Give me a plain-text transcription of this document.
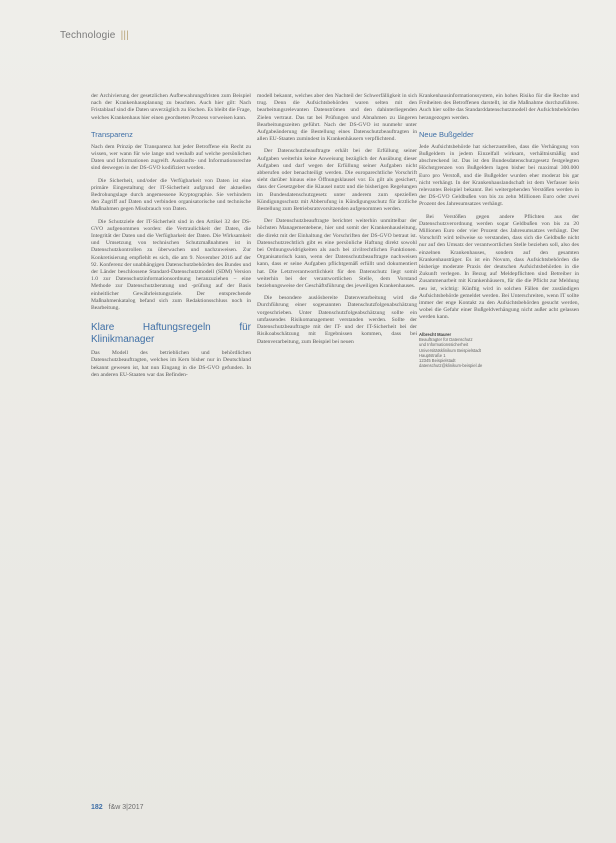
Technologie |||

der Archivierung der gesetzlichen Aufbewahrungsfristen zum Beispiel nach der Krankenhausplanung zu beachten. Auch hier gilt: Nach Fristablauf sind die Daten unverzüglich zu löschen. Es bleibt die Frage, welches Krankenhaus hier einen geordneten Prozess vorweisen kann.

Transparenz

Nach dem Prinzip der Transparenz hat jeder Betroffene ein Recht zu wissen, wer wann für wie lange und weshalb auf welche persönlichen Daten und Informationen zugreift. Auskunfts- und Informationsrechte sind deswegen in der DS-GVO kodifiziert worden.

Die Sicherheit, und/oder die Verfügbarkeit von Daten ist eine primäre Eingestaltung der IT-Sicherheit aufgrund der aktuellen Bedrohungslage durch angemessene Kryptographie. Sie verhindern den Zugriff auf Daten und verbinden organisatorische und technische Maßnahmen gegen Missbrauch von Daten.

Die Schutzziele der IT-Sicherheit sind in den Artikel 32 der DS-GVO aufgenommen worden: die Vertraulichkeit der Daten, die Integrität der Daten und die Verfügbarkeit der Daten. Die Wirksamkeit und Umsetzung von technischen Schutzmaßnahmen ist in Datenschutzkontrollen zu überwachen und nachzuweisen. Zur Konkretisierung empfiehlt es sich, die am 9. November 2016 auf der 92. Konferenz der unabhängigen Datenschutzbehörden des Bundes und der Länder beschlossene Standard-Datenschutzmodell (SDM) Version 1.0 zur Datenschutzinformationsordnung heranzuziehen – eine Methode zur Datenschutzberatung und -prüfung auf der Basis einheitlicher Gewährleistungsziele. Der entsprechende Maßnahmenkatalog befand sich zum Redaktionsschluss noch in Bearbeitung.

Klare Haftungsregeln für Klinikmanager

Das Modell des betrieblichen und behördlichen Datenschutzbeauftragten, welches im Kern bisher nur in Deutschland bekannt gewesen ist, hat nun Eingang in die DS-GVO gefunden. In den anderen EU-Staaten war das Befinden-

modell bekannt, welches aber den Nachteil der Schwerfälligkeit in sich trug. Denn die Aufsichtsbehörden waren selten mit den bearbeitungsrelevanten Datenströmen und den dahinterliegenden Zielen vertraut. Das tat bei Prüfungen und Abnahmen zu längeren Bearbeitungszeiten geführt. Nach der DS-GVO ist nunmehr unter Aufgabeänderung die Bestellung eines Datenschutzbeauftragten in allen EU-Staaten zumindest in Krankenhäusern verpflichtend.

Der Datenschutzbeauftragte erhält bei der Erfüllung seiner Aufgaben weiterhin keine Anweisung bezüglich der Ausübung dieser Aufgaben und darf wegen der Erfüllung seiner Aufgaben nicht abberufen oder benachteiligt werden. Die europarechtliche Vorschrift sieht darüber hinaus eine Öffnungsklausel vor. Es gilt als gesichert, dass der Gesetzgeber die Klausel nutzt und die bisherigen Regelungen im Bundesdatenschutzgesetz unter anderem zum speziellen Kündigungsschutz mit Abberufung in Kündigungsschutz für ärztliche Bestellung zum Betriebsratsvorsitzenden aufgenommen werden.

Der Datenschutzbeauftragte berichtet weiterhin unmittelbar der höchsten Managementebene, hier und somit der Krankenhausleitung, die direkt mit der Einhaltung der Vorschriften der DS-GVO betraut ist. Datenschutzrechtlich gibt es eine persönliche Haftung direkt sowohl bei Ordnungswidrigkeiten als auch bei zivilrechtlichen Funktionen. Organisatorisch kann, wenn der Datenschutzbeauftragte nachweisen kann, dass er seine Aufgaben pflichtgemäß erfüllt und dokumentiert hat. Die Letztverantwortlichkeit für den Datenschutz liegt somit weiterhin bei der verantwortlichen Stelle, dem Vorstand beziehungsweise der Geschäftsführung des jeweiligen Krankenhauses.

Die besondere auslösbereite Datenverarbeitung wird die Durchführung einer sogenannten Datenschutzfolgenabschätzung vorgeschrieben. Unter Datenschutzfolgeabschätzung sollte ein umfassendes Risikomanagement verstanden werden. Sollte der Datenschutzbeauftragte mit der IT- und der IT-Sicherheit bei der Risikoabschätzung mit Ergebnissen kommen, dass bei Datenverarbeitung, zum Beispiel bei neuen

Krankenhausinformationssystem, ein hohes Risiko für die Rechte und Freiheiten des Betroffenen darstellt, ist die Maßnahme durchzuführen. Auch hier sollte das Standarddatenschutzmodell der Aufsichtsbehörden herangezogen werden.

Neue Bußgelder

Jede Aufsichtsbehörde hat sicherzustellen, dass die Verhängung von Bußgeldern in jedem Einzelfall wirksam, verhältnismäßig und abschreckend ist. Das ist den Bundesdatenschutzgesetz festgelegten Höchstgrenzen von Bußgeldern lagen bisher bei maximal 300.000 Euro pro Verstoß, und die Bußgelder wurden eher moderat bis gar nicht verhängt. In der Krankenhauslandschaft ist dem Verfasser kein relevantes Beispiel bekannt. Bei weitergehenden Verstößen werden in der DS-GVO Geldbußen von bis zu zehn Millionen Euro oder zwei Prozent des Jahresumsatzes verhängt.

Bei Verstößen gegen andere Pflichten aus der Datenschutzverordnung werden sogar Geldbußen von bis zu 20 Millionen Euro oder vier Prozent des Jahresumsatzes verhängt. Der Vorschrift wird teilweise so verstanden, dass sich die Geldbuße nicht nur auf den Umsatz der verantwortlichen Stelle beziehen soll, also des einzelnen Krankenhauses, sondern auf den gesamten Krankenhausträger. Es ist ein Novum, dass Aufsichtsbehörden die bisherige moderate Praxis der deutschen Aufsichtsbehörden in die Zukunft verlegen. In Bezug auf Meldepflichten sind Betreiber in Zusammenarbeit mit Krankenhäusern, für die die Pflicht zur Meldung neu ist, wichtig: Künftig wird in solchen Fällen der zuständigen Aufsichtsbehörde gemeldet werden. Bei Unterschreiten, wenn IT sollte immer der enge Kontakt zu den Aufsichtsbehörden gesucht werden, wobei die Gefahr einer Bußgeldverhängung nicht außer acht gelassen werden kann.

Albrecht Maurer
Beauftragter für Datenschutz
und Informationssicherheit
Universitätsklinikum Beispielstadt
Hauptstraße 1
12345 Beispielstadt
datenschutz@klinikum-beispiel.de
182 f&w 3|2017
